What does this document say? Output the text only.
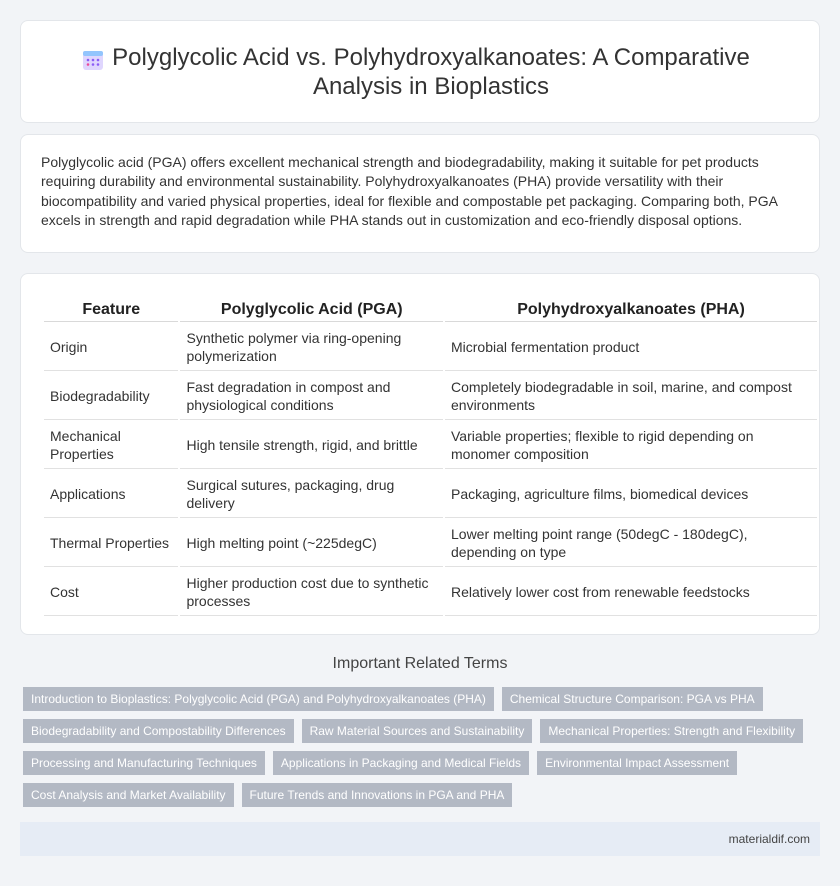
Polyglycolic Acid vs. Polyhydroxyalkanoates: A Comparative Analysis in Bioplastics

Polyglycolic acid (PGA) offers excellent mechanical strength and biodegradability, making it suitable for pet products requiring durability and environmental sustainability. Polyhydroxyalkanoates (PHA) provide versatility with their biocompatibility and varied physical properties, ideal for flexible and compostable pet packaging. Comparing both, PGA excels in strength and rapid degradation while PHA stands out in customization and eco-friendly disposal options.

Feature	Polyglycolic Acid (PGA)	Polyhydroxyalkanoates (PHA)
Origin	Synthetic polymer via ring-opening polymerization	Microbial fermentation product
Biodegradability	Fast degradation in compost and physiological conditions	Completely biodegradable in soil, marine, and compost environments
Mechanical Properties	High tensile strength, rigid, and brittle	Variable properties; flexible to rigid depending on monomer composition
Applications	Surgical sutures, packaging, drug delivery	Packaging, agriculture films, biomedical devices
Thermal Properties	High melting point (~225degC)	Lower melting point range (50degC - 180degC), depending on type
Cost	Higher production cost due to synthetic processes	Relatively lower cost from renewable feedstocks
Important Related Terms
Introduction to Bioplastics: Polyglycolic Acid (PGA) and Polyhydroxyalkanoates (PHA)	Chemical Structure Comparison: PGA vs PHA
Biodegradability and Compostability Differences	Raw Material Sources and Sustainability	Mechanical Properties: Strength and Flexibility
Processing and Manufacturing Techniques	Applications in Packaging and Medical Fields	Environmental Impact Assessment
Cost Analysis and Market Availability	Future Trends and Innovations in PGA and PHA
materialdif.com
